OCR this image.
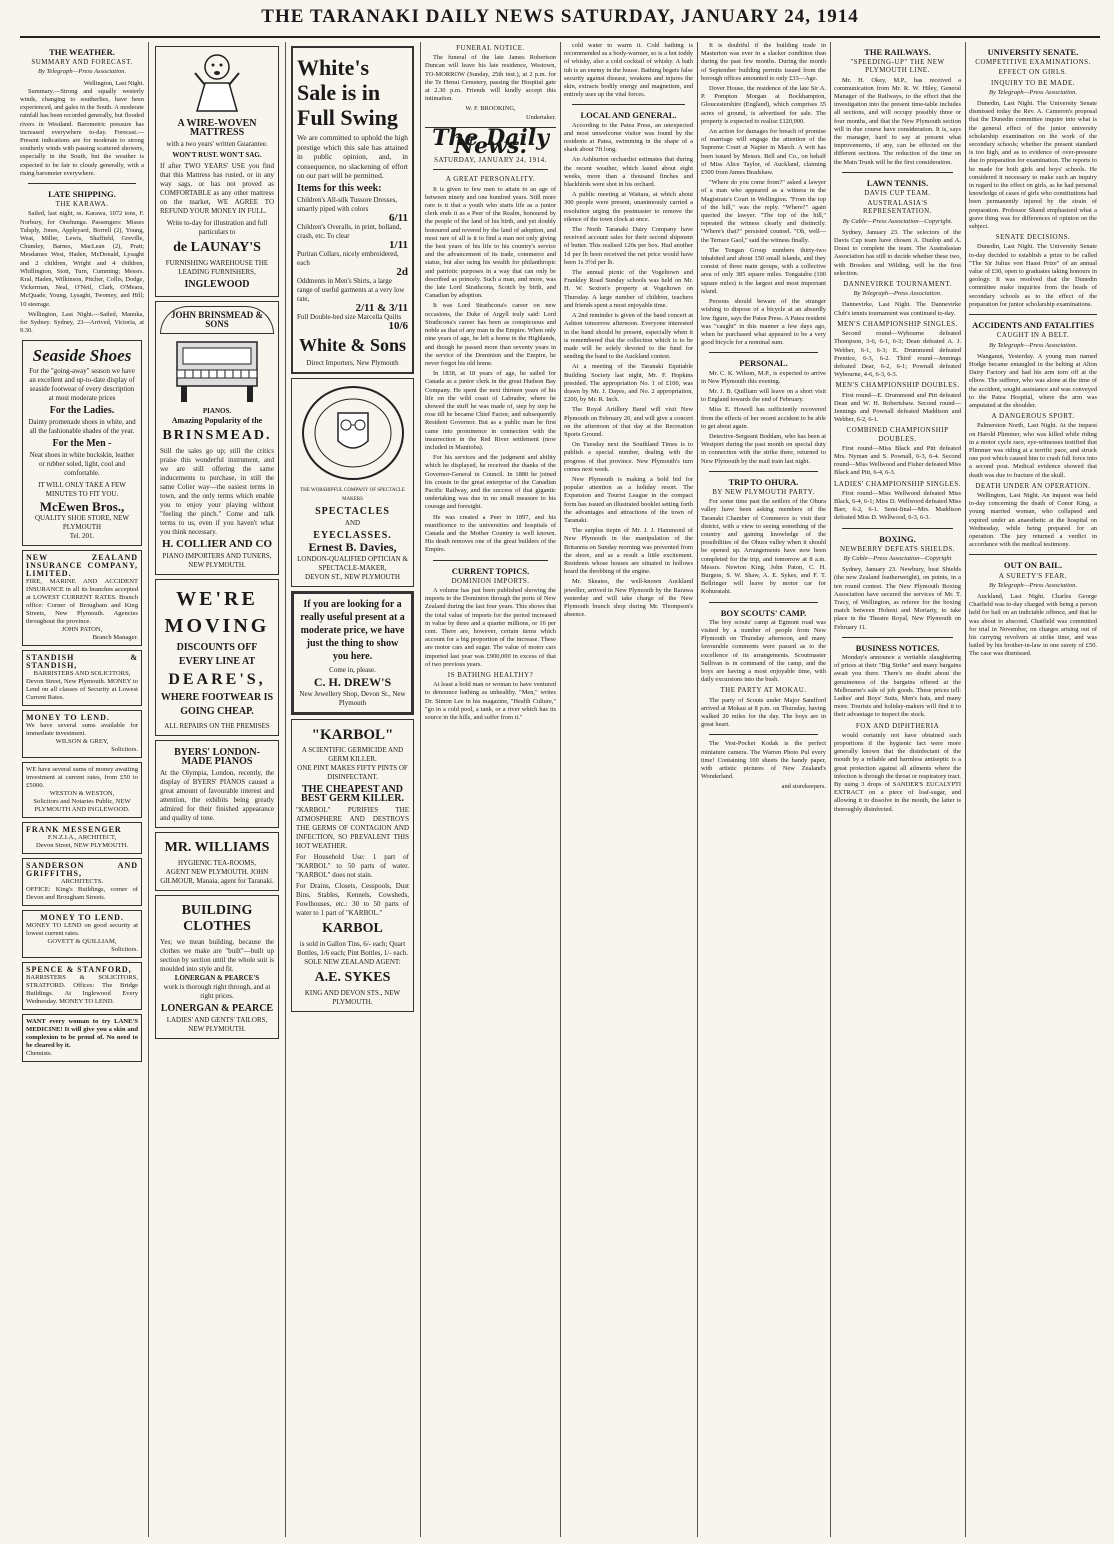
THE TARANAKI DAILY NEWS SATURDAY, JANUARY 24, 1914
THE WEATHER.
SUMMARY AND FORECAST.
By Telegraph—Press Association.
Wellington, Last Night.

Summary.—Strong and squally westerly winds, changing to southerlies, have been experienced, and gales in the South. A moderate rainfall has been recorded generally, but flooded rivers in Westland. Barometric pressure has increased everywhere to-day. Forecast.—Present indications are for moderate to strong southerly winds with passing scattered showers, especially in the South, but the weather is expected to be fair to cloudy generally, with a rising barometer everywhere.

LATE SHIPPING.
THE KARAWA.

Sailed, last night, ss. Karawa, 1072 tons, F. Norbury, for Onehunga. Passengers: Misses Tulsply, Jones, Appleyard, Borrell (2), Young, Weat, Miller, Lewis, Shaffield, Greville, Chumley, Barnes, MacLean (2), Pratt; Mesdames West, Haden, McDonald, Lysaght and 2 children, Wright and 4 children, Whillington, Stott, Turn, Cumming; Messrs. Kral, Haden, Wilkinson, Pitcher, Collis, Dodge, Vickerman, Neal, O'Neil, Clark, O'Meara, McQuade, Young, Lysaght, Twomey, and Hill; 10 steerage.

Wellington, Last Night.—Sailed, Manuka, for Sydney. Sydney, 23—Arrived, Victoria, at 9.30.

Seaside Shoes
For the "going-away" season we have an excellent and up-to-date display of seaside footwear of every description at most moderate prices
For the Ladies.
Dainty promenade shoes in white, and all the fashionable shades of the year.
For the Men -
Neat shoes in white buckskin, leather or rubber soled, light, cool and comfortable.
IT WILL ONLY TAKE A FEW MINUTES TO FIT YOU.
McEwen Bros.,
QUALITY SHOE STORE, NEW PLYMOUTH
Tel. 201.
NEW ZEALAND INSURANCE COMPANY, LIMITED.
FIRE, MARINE AND ACCIDENT INSURANCE in all its branches accepted at LOWEST CURRENT RATES. Branch office: Corner of Brougham and King Streets, New Plymouth. Agencies throughout the province.
JOHN PATON,
Branch Manager.
STANDISH & STANDISH,
BARRISTERS AND SOLICITORS,
Devon Street, New Plymouth. MONEY to Lend on all classes of Security at Lowest Current Rates.
MONEY TO LEND.
We have several sums available for immediate investment.
WILSON & GREY,
Solicitors.
WE have several sums of money awaiting investment at current rates, from £50 to £5000.
WESTON & WESTON,
Solicitors and Notaries Public, NEW PLYMOUTH AND INGLEWOOD.
FRANK MESSENGER
F.N.Z.I.A., ARCHITECT,
Devon Street, NEW PLYMOUTH.
SANDERSON AND GRIFFITHS,
ARCHITECTS.
OFFICE: King's Buildings, corner of Devon and Brougham Streets.
MONEY TO LEND.
MONEY TO LEND on good security at lowest current rates.
GOVETT & QUILLIAM,
Solicitors.
SPENCE & STANFORD,
BARRISTERS & SOLICITORS, STRATFORD. Offices: The Bridge Buildings. At Inglewood Every Wednesday. MONEY TO LEND.
WANT every woman to try LANE'S MEDICINE! It will give you a skin and complexion to be proud of. No need to be cleared by it.
Chemists.
A WIRE-WOVEN MATTRESS
with a two years' written Guarantee.
WON'T RUST. WON'T SAG.
If after TWO YEARS' USE you find that this Mattress has rusted, or in any way sags, or has not proved as COMFORTABLE as any other mattress on the market, WE AGREE TO REFUND YOUR MONEY IN FULL.
Write to-day for illustration and full particulars to
de LAUNAY'S
FURNISHING WAREHOUSE THE LEADING FURNISHERS,
INGLEWOOD
JOHN BRINSMEAD & SONS
PIANOS.
Amazing Popularity of the
BRINSMEAD.
Still the sales go up; still the critics praise this wonderful instrument, and we are still offering the same inducements to purchase, in still the same Colier way—the easiest terms in town, and the only terms which enable you to enjoy your playing without "feeling the pinch." Come and talk terms to us, even if you haven't what you think necessary.
H. COLLIER AND CO
PIANO IMPORTERS AND TUNERS, NEW PLYMOUTH.
WE'RE
MOVING
DISCOUNTS OFF EVERY LINE AT
DEARE'S,
WHERE FOOTWEAR IS GOING CHEAP.
ALL REPAIRS ON THE PREMISES
BYERS' LONDON-MADE PIANOS
At the Olympia, London, recently, the display of BYERS' PIANOS caused a great amount of favourable interest and attention, the exhibits being greatly admired for their finished appearance and quality of tone.
MR. WILLIAMS
HYGIENIC TEA-ROOMS,
AGENT NEW PLYMOUTH. JOHN GILMOUR, Manaia, agent for Taranaki.
BUILDING CLOTHES
Yes; we mean building, because the clothes we make are "built"—built up section by section until the whole suit is moulded into style and fit.
LONERGAN & PEARCE'S
work is thorough right through, and at right prices.
LONERGAN & PEARCE
LADIES' AND GENTS' TAILORS, NEW PLYMOUTH.
White's Sale is in Full Swing
We are committed to uphold the high prestige which this sale has attained in public opinion, and, in consequence, no slackening of effort on our part will be permitted.
Items for this week:
Children's All-silk Tussore Dresses, smartly piped with colors
6/11
Children's Overalls, in print, holland, crash, etc. To clear
1/11
Puritan Collars, nicely embroidered, each
2d
Oddments in Men's Shirts, a large range of useful garments at a very low rate,
2/11 & 3/11
Full Double-bed size Marcella Quilts
10/6
White & Sons
Direct Importers, New Plymouth
THE WORSHIPFUL COMPANY OF SPECTACLE MAKERS
SPECTACLES
AND
EYECLASSES.
Ernest B. Davies,
LONDON-QUALIFIED OPTICIAN & SPECTACLE-MAKER,
DEVON ST., NEW PLYMOUTH
If you are looking for a really useful present at a moderate price, we have just the thing to show you here.
Come in, please.
C. H. DREW'S
New Jewellery Shop, Devon St., New Plymouth
"KARBOL"
A SCIENTIFIC GERMICIDE AND GERM KILLER.
ONE PINT MAKES FIFTY PINTS OF DISINFECTANT.
THE CHEAPEST AND BEST GERM KILLER.
"KARBOL" PURIFIES THE ATMOSPHERE AND DESTROYS THE GERMS OF CONTAGION AND INFECTION, SO PREVALENT THIS HOT WEATHER.
For Household Use: 1 part of "KARBOL" to 50 parts of water. "KARBOL" does not stain.
For Drains, Closets, Cesspools, Dust Bins, Stables, Kennels, Cowsheds, Fowlhouses, etc.: 30 to 50 parts of water to 1 part of "KARBOL."
KARBOL
is sold in Gallon Tins, 6/- each; Quart Bottles, 1/6 each; Pint Bottles, 1/- each.
SOLE NEW ZEALAND AGENT:
A.E. SYKES
KING AND DEVON STS., NEW PLYMOUTH.
FUNERAL NOTICE.

The funeral of the late James Robertson Duncan will leave his late residence, Westown, TO-MORROW (Sunday, 25th inst.), at 2 p.m. for the Te Henui Cemetery, passing the Hospital gate at 2.30 p.m. Friends will kindly accept this intimation.

W. F. BROOKING,
Undertaker.
The Daily News.
SATURDAY, JANUARY 24, 1914.
A GREAT PERSONALITY.

It is given to few men to attain to an age of between ninety and one hundred years. Still more rare is it that a youth who starts life as a junior clerk ends it as a Peer of the Realm, honoured by the people of the land of his birth, and yet doubly honoured and revered by the land of adoption, and most rare of all is it to find a man not only giving the best years of his life to his country's service and the advancement of its trade, commerce and status, but also using his wealth for philanthropic and patriotic purposes in a way that can only be described as princely. Such a man, and more, was the late Lord Strathcona, Scotch by birth, and Canadian by adoption.

It was Lord Strathcona's career on new occasions, the Duke of Argyll truly said: Lord Strathcona's career has been as conspicuous and noble as that of any man in the Empire. When only nine years of age, he left a home in the Highlands, and though he passed more than seventy years in the service of the Dominion and the Empire, he never forgot his old home.

In 1838, at 18 years of age, he sailed for Canada as a junior clerk in the great Hudson Bay Company. He spent the next thirteen years of his life on the wild coast of Labrador, where he showed the stuff he was made of, step by step he rose till he became Chief Factor, and subsequently Resident Governor. But as a public man he first came into prominence in connection with the insurrection in the Red River settlement (now included in Manitoba).

For his services and the judgment and ability which he displayed, he received the thanks of the Governor-General in Council. In 1880 he joined his cousin in the great enterprise of the Canadian Pacific Railway, and the success of that gigantic undertaking was due in no small measure to his courage and foresight.

He was created a Peer in 1897, and his munificence to the universities and hospitals of Canada and the Mother Country is well known. His death removes one of the great builders of the Empire.

CURRENT TOPICS.
DOMINION IMPORTS.

A volume has just been published showing the imports to the Dominion through the ports of New Zealand during the last four years. This shows that the total value of imports for the period increased in value by three and a quarter millions, or 16 per cent. There are, however, certain items which account for a big proportion of the increase. These are motor cars and sugar. The value of motor cars imported last year was £900,000 in excess of that of two previous years.

IS BATHING HEALTHY?

At least a bold man or woman to have ventured to denounce bathing as unhealthy. "Men," writes Dr. Simon Lee in his magazine, "Health Culture," "go in a cold pool, a tank, or a river which has its source in the hills, and suffer from it."

cold water to warm it. Cold bathing is recommended as a body-warmer, so is a hot toddy of whisky, also a cold cocktail of whisky. A bath tub is an enemy in the house. Bathing begets false security against disease, weakens and injures the skin, extracts bodily energy and magnetism, and entirely uses up the vital forces.

LOCAL AND GENERAL.

According to the Patea Press, an unexpected and most unwelcome visitor was found by the residents at Patea, swimming in the shape of a shark about 7ft long.

An Ashburton orchardist estimates that during the recent weather, which lasted about eight weeks, more than a thousand finches and blackbirds were shot in his orchard.

A public meeting at Waitara, at which about 300 people were present, unanimously carried a resolution urging the postmaster to remove the silence of the town clock at once.

The North Taranaki Dairy Company have received account sales for their second shipment of butter. This realised 120s per box. Had another 1d per lb been received the net price would have been 1s 3½d per lb.

The annual picnic of the Vogeltown and Frankley Road Sunday schools was held on Mr. H. W. Sexton's property at Vogeltown on Thursday. A large number of children, teachers and friends spent a most enjoyable time.

A 2nd reminder is given of the band concert at Ashton tomorrow afternoon. Everyone interested in the band should be present, especially when it is remembered that the collection which is to be made will be solely devoted to the fund for sending the band to the Auckland contest.

At a meeting of the Taranaki Equitable Building Society last night, Mr. F. Hopkins presided. The appropriation No. 1 of £100, was drawn by Mr. J. Dayes, and No. 2 appropriation, £200, by Mr. R. Inch.

The Royal Artillery Band will visit New Plymouth on February 20, and will give a concert on the afternoon of that day at the Recreation Sports Ground.

On Tuesday next the Southland Times is to publish a special number, dealing with the progress of that province. New Plymouth's turn comes next week.

New Plymouth is making a bold bid for popular attention as a holiday resort. The Expansion and Tourist League in the compact form has issued an illustrated booklet setting forth the advantages and attractions of the town of Taranaki.

The surplus tiepin of Mr. J. J. Hammond of New Plymouth in the manipulation of the Britannia on Sunday morning was prevented from the shore, and as a result a little excitement. Residents whose houses are situated in hollows heard the throbbing of the engine.

Mr. Skeates, the well-known Auckland jeweller, arrived in New Plymouth by the Rarawa yesterday and will take charge of the New Plymouth branch shop during Mr. Thompson's absence.

It is doubtful if the building trade in Masterton was ever in a slacker condition than during the past few months. During the month of September building permits issued from the borough offices amounted to only £33—Age.

Dover House, the residence of the late Sir A. P. Pompton Morgan at Bockhampton, Gloucestershire (England), which comprises 35 acres of ground, is advertised for sale. The property is expected to realise £120,000.

An action for damages for breach of promise of marriage will engage the attention of the Supreme Court at Napier in March. A writ has been issued by Messrs. Bell and Co., on behalf of Miss Alice Taylor, of Auckland, claiming £500 from James Bradshaw.

"Where do you come from?" asked a lawyer of a man who appeared as a witness in the Magistrate's Court in Wellington. "From the top of the hill," was the reply. "Where?" again queried the lawyer. "The top of the hill," repeated the witness clearly and distinctly. "Where's that?" persisted counsel. "Oh, well—the Terrace Gaol," said the witness finally.

The Tongan Group numbers thirty-two inhabited and about 150 small islands, and they consist of three main groups, with a collective area of only 385 square miles. Tongatabu (100 square miles) is the largest and most important island.

Persons should beware of the stranger wishing to dispose of a bicycle at an absurdly low figure, says the Patea Press. A Patea resident was "caught" in this manner a few days ago, when he purchased what appeared to be a very good bicycle for a nominal sum.

PERSONAL.

Mr. C. K. Wilson, M.P., is expected to arrive in New Plymouth this evening.

Mr. J. B. Quilliam will leave on a short visit to England towards the end of February.

Miss E. Howell has sufficiently recovered from the effects of her recent accident to be able to get about again.

Detective-Sergeant Boddam, who has been at Westport during the past month on special duty in connection with the strike there, returned to New Plymouth by the mail train last night.

TRIP TO OHURA.
BY NEW PLYMOUTH PARTY.

For some time past the settlers of the Ohura valley have been asking members of the Taranaki Chamber of Commerce to visit their district, with a view to seeing something of the country and gaining knowledge of the possibilities of the Ohura valley when it should be opened up. Arrangements have now been completed for the trip, and tomorrow at 8 a.m. Messrs. Newton King, John Paton, C. H. Burgess, S. W. Shaw, A. E. Sykes, and F. T. Bellringer will leave by motor car for Kohuratahi.

BOY SCOUTS' CAMP.

The boy scouts' camp at Egmont road was visited by a number of people from New Plymouth on Thursday afternoon, and many favourable comments were passed as to the excellence of its arrangements. Scoutmaster Sullivan is in command of the camp, and the boys are having a most enjoyable time, with daily excursions into the bush.

THE PARTY AT MOKAU.

The party of Scouts under Major Sandford arrived at Mokau at 8 p.m. on Thursday, having walked 20 miles for the day. The boys are in great heart.

The Vest-Pocket Kodak is the perfect miniature camera. The Warren Photo Pul every time! Containing 100 sheets the handy paper, with artistic pictures of New Zealand's Wonderland.

and storekeepers.
THE RAILWAYS.
"SPEEDING-UP" THE NEW PLYMOUTH LINE.

Mr. H. Okey, M.P., has received a communication from Mr. R. W. Hiley, General Manager of the Railways, to the effect that the investigation into the present time-table includes all sections, and will occupy possibly three or four months, and that the New Plymouth section will in due course have consideration. It is, says the manager, hard to say at present what improvements, if any, can be effected on the different sections. The reduction of the time on the Main Trunk will be the first consideration.

LAWN TENNIS.
DAVIS CUP TEAM.
AUSTRALASIA'S REPRESENTATION.
By Cable—Press Association—Copyright.

Sydney, January 23. The selectors of the Davis Cup team have chosen A. Dunlop and A. Doust to complete the team. The Australasian Association has still to decide whether these two, with Brookes and Wilding, will be the first selection.

DANNEVIRKE TOURNAMENT.
By Telegraph—Press Association.

Dannevirke, Last Night. The Dannevirke Club's tennis tournament was continued to-day.

MEN'S CHAMPIONSHIP SINGLES.

Second round—Wybourne defeated Thompson, 3-6, 6-1, 6-3; Dean defeated A. J. Webber, 6-1, 6-3; E. Drummond defeated Prentice, 6-3, 6-2. Third round—Jennings defeated Dear, 6-2, 6-1; Pownall defeated Wybourne, 4-6, 6-3, 6-3.

MEN'S CHAMPIONSHIP DOUBLES.

First round—E. Drummond and Pitt defeated Dean and W. H. Robertshaw. Second round—Jennings and Pownall defeated Maddison and Webber, 6-2, 6-1.

COMBINED CHAMPIONSHIP DOUBLES.

First round—Miss Black and Pitt defeated Mrs. Nyman and S. Pownall, 6-3, 6-4. Second round—Miss Wellwood and Fisher defeated Miss Black and Pitt, 6-4, 6-3.

LADIES' CHAMPIONSHIP SINGLES.

First round—Miss Wellwood defeated Miss Black, 6-4, 6-1; Miss D. Wellwood defeated Miss Barr, 6-2, 6-1. Semi-final—Mrs. Maddison defeated Miss D. Wellwood, 6-3, 6-3.

BOXING.
NEWBERRY DEFEATS SHIELDS.
By Cable—Press Association—Copyright

Sydney, January 23. Newbury, beat Shields (the new Zealand featherweight), on points, in a ten round contest. The New Plymouth Boxing Association have secured the services of Mr. T. Tracy, of Wellington, as referee for the boxing match between Hoheni and Moriarty, to take place in the Theatre Royal, New Plymouth on February 11.

BUSINESS NOTICES.

Monday's announce a veritable slaughtering of prices at their "Big Strike" and many bargains await you there. There's no doubt about the genuineness of the bargains offered at the Melbourne's sale of job goods. These prices tell: Ladies' and Boys' Suits, Men's hats, and many more. Tourists and holiday-makers will find it to their advantage to inspect the stock.

FOX AND DIPHTHERIA

would certainly not have obtained such proportions if the hygienic fact were more generally known that the disinfectant of the mouth by a reliable and harmless antiseptic is a great protection against all ailments where the infection is through the throat or respiratory tract. By using 3 drops of SANDER'S EUCALYPTI EXTRACT on a piece of loaf-sugar, and allowing it to dissolve in the mouth, the latter is thoroughly disinfected.

UNIVERSITY SENATE.
COMPETITIVE EXAMINATIONS.
EFFECT ON GIRLS.
INQUIRY TO BE MADE.
By Telegraph—Press Association.

Dunedin, Last Night. The University Senate dismissed today the Rev. A. Cameron's proposal that the Dunedin committee inquire into what is the general effect of the junior university scholarship examination on the work of the secondary schools; whether the present standard is too high, and as to evidence of over-pressure due to preparation for examination. The reports to be made for both girls and boys' schools. He considered it necessary to make such an inquiry in regard to the effect on girls, as he had personal knowledge of cases of girls who constitutions had been permanently injured by the strain of preparation. Professor Shand emphasised what a grave thing was for differences of opinion on the subject.

SENATE DECISIONS.

Dunedin, Last Night. The University Senate to-day decided to establish a prize to be called "The Sir Julius von Haast Prize" of an annual value of £30, open to graduates taking honours in geology. It was resolved that the Dunedin committee make inquiries from the heads of secondary schools as to the effect of the preparation for junior scholarship examinations.

ACCIDENTS AND FATALITIES
CAUGHT IN A BELT.
By Telegraph—Press Association.

Wanganui, Yesterday. A young man named Hodge became entangled in the belting at Alton Dairy Factory and had his arm torn off at the elbow. The sufferer, who was alone at the time of the accident, sought assistance and was conveyed to the Patea Hospital, where the arm was amputated at the shoulder.

A DANGEROUS SPORT.

Palmerston North, Last Night. At the inquest on Harold Plimmer, who was killed while riding in a motor cycle race, eye-witnesses testified that Plimmer was riding at a terrific pace, and struck one post which caused him to crash full force into a second post. Medical evidence showed that death was due to fracture of the skull.

DEATH UNDER AN OPERATION.

Wellington, Last Night. An inquest was held to-day concerning the death of Conor King, a young married woman, who collapsed and expired under an anaesthetic at the hospital on Wednesday, while being prepared for an operation. The jury returned a verdict in accordance with the medical testimony.

OUT ON BAIL.
A SURETY'S FEAR.
By Telegraph—Press Association.

Auckland, Last Night. Charles George Chatfield was to-day charged with being a person held for bail on an indictable offence, and that he was about to abscond. Chatfield was committed for trial in November, on charges arising out of his carrying revolvers at strike time, and was bailed by his brother-in-law in one surety of £50. The case was dismissed.
